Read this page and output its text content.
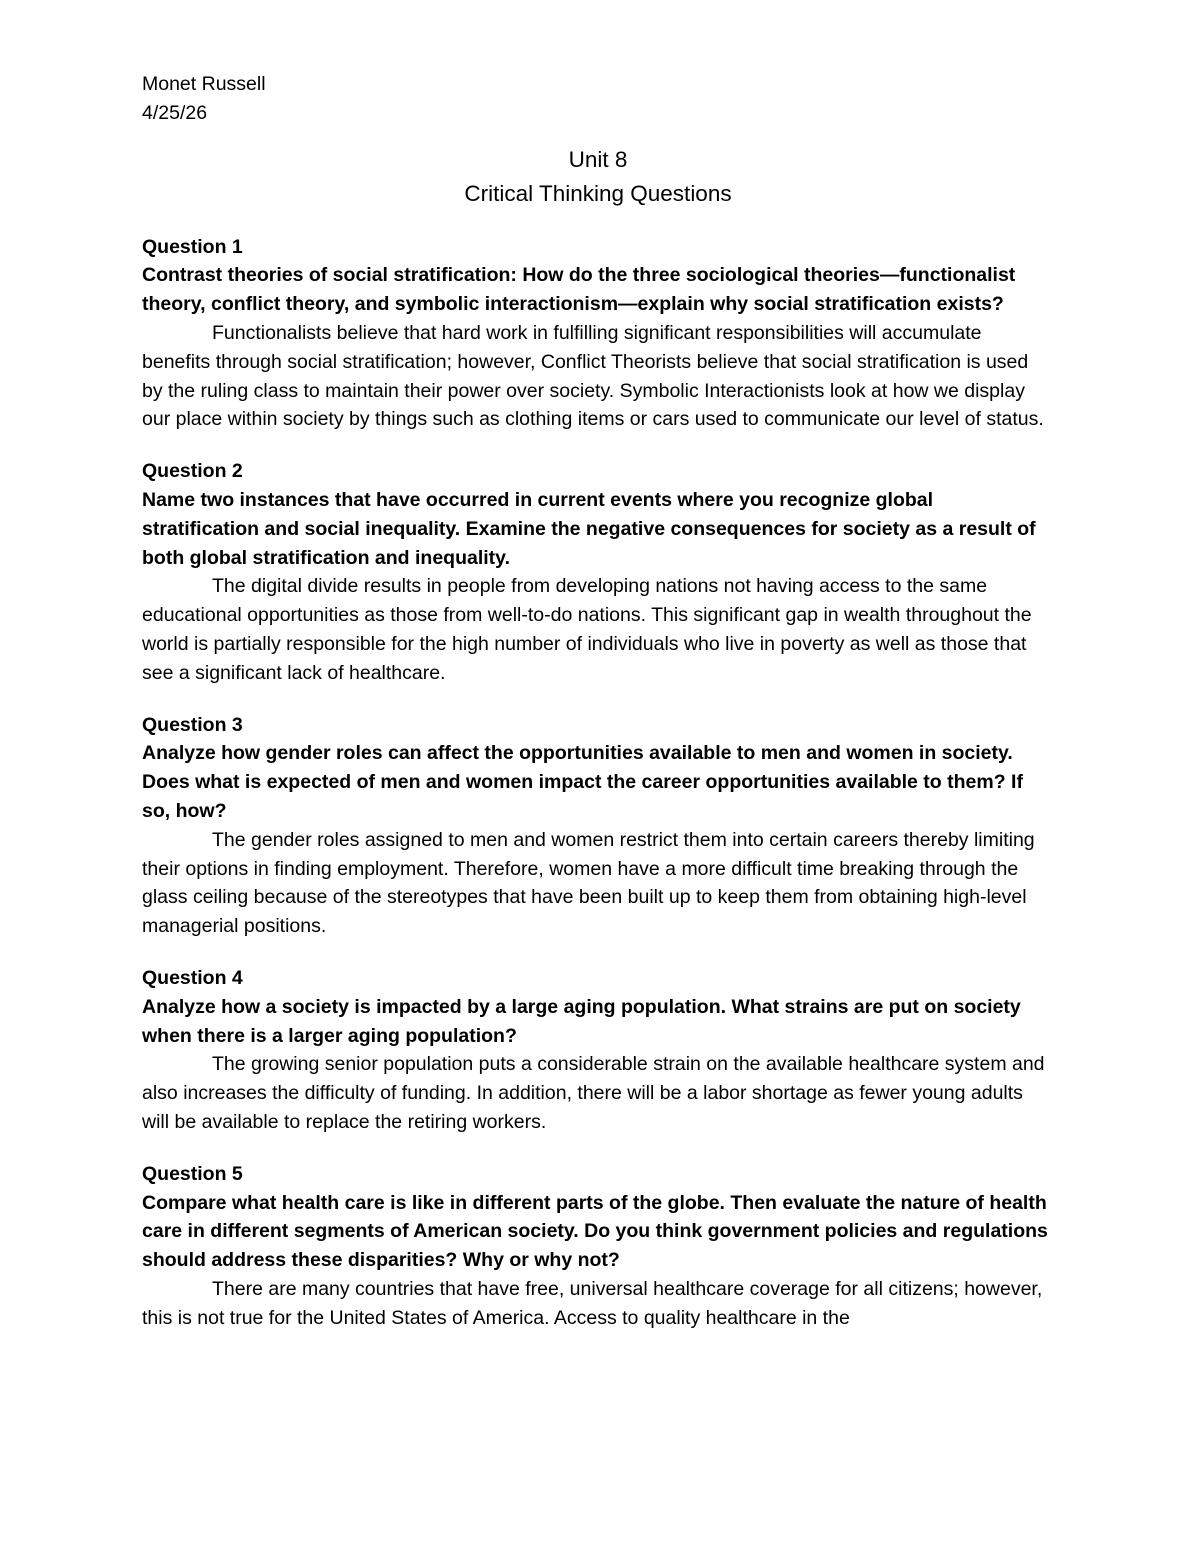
Monet Russell
4/25/26
Unit 8
Critical Thinking Questions
Question 1
Contrast theories of social stratification: How do the three sociological theories—functionalist theory, conflict theory, and symbolic interactionism—explain why social stratification exists?
Functionalists believe that hard work in fulfilling significant responsibilities will accumulate benefits through social stratification; however, Conflict Theorists believe that social stratification is used by the ruling class to maintain their power over society. Symbolic Interactionists look at how we display our place within society by things such as clothing items or cars used to communicate our level of status.
Question 2
Name two instances that have occurred in current events where you recognize global stratification and social inequality. Examine the negative consequences for society as a result of both global stratification and inequality.
The digital divide results in people from developing nations not having access to the same educational opportunities as those from well-to-do nations. This significant gap in wealth throughout the world is partially responsible for the high number of individuals who live in poverty as well as those that see a significant lack of healthcare.
Question 3
Analyze how gender roles can affect the opportunities available to men and women in society. Does what is expected of men and women impact the career opportunities available to them? If so, how?
The gender roles assigned to men and women restrict them into certain careers thereby limiting their options in finding employment. Therefore, women have a more difficult time breaking through the glass ceiling because of the stereotypes that have been built up to keep them from obtaining high-level managerial positions.
Question 4
Analyze how a society is impacted by a large aging population. What strains are put on society when there is a larger aging population?
The growing senior population puts a considerable strain on the available healthcare system and also increases the difficulty of funding. In addition, there will be a labor shortage as fewer young adults will be available to replace the retiring workers.
Question 5
Compare what health care is like in different parts of the globe. Then evaluate the nature of health care in different segments of American society. Do you think government policies and regulations should address these disparities? Why or why not?
There are many countries that have free, universal healthcare coverage for all citizens; however, this is not true for the United States of America. Access to quality healthcare in the
